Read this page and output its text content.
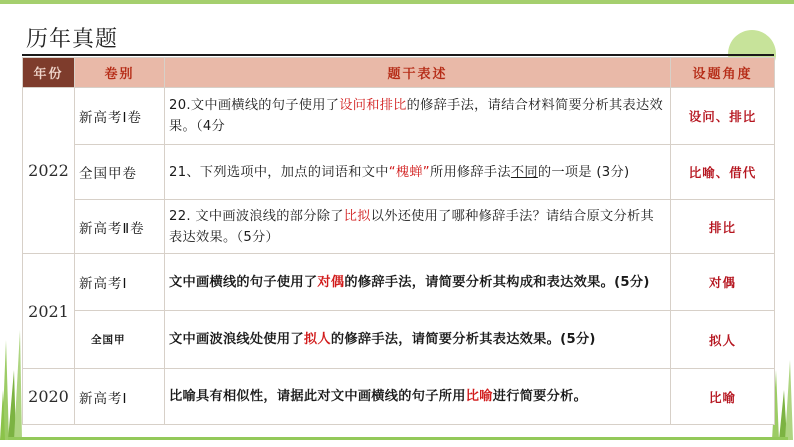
历年真题
年份	卷别	题干表述	设题角度
2022	新高考Ⅰ卷	20.文中画横线的句子使用了设问和排比的修辞手法，请结合材料简要分析其表达效果。（4分	设问、排比
	全国甲卷	21、下列选项中，加点的词语和文中“槐蝉”所用修辞手法不同的一项是 (3分)	比喻、借代
	新高考Ⅱ卷	22. 文中画波浪线的部分除了比拟以外还使用了哪种修辞手法？请结合原文分析其表达效果。（5分）	排比
2021	新高考Ⅰ	文中画横线的句子使用了对偶的修辞手法，请简要分析其构成和表达效果。(5分)	对偶
	全国甲	文中画波浪线处使用了拟人的修辞手法，请简要分析其表达效果。(5分)	拟人
2020	新高考Ⅰ	比喻具有相似性，请据此对文中画横线的句子所用比喻进行简要分析。	比喻
